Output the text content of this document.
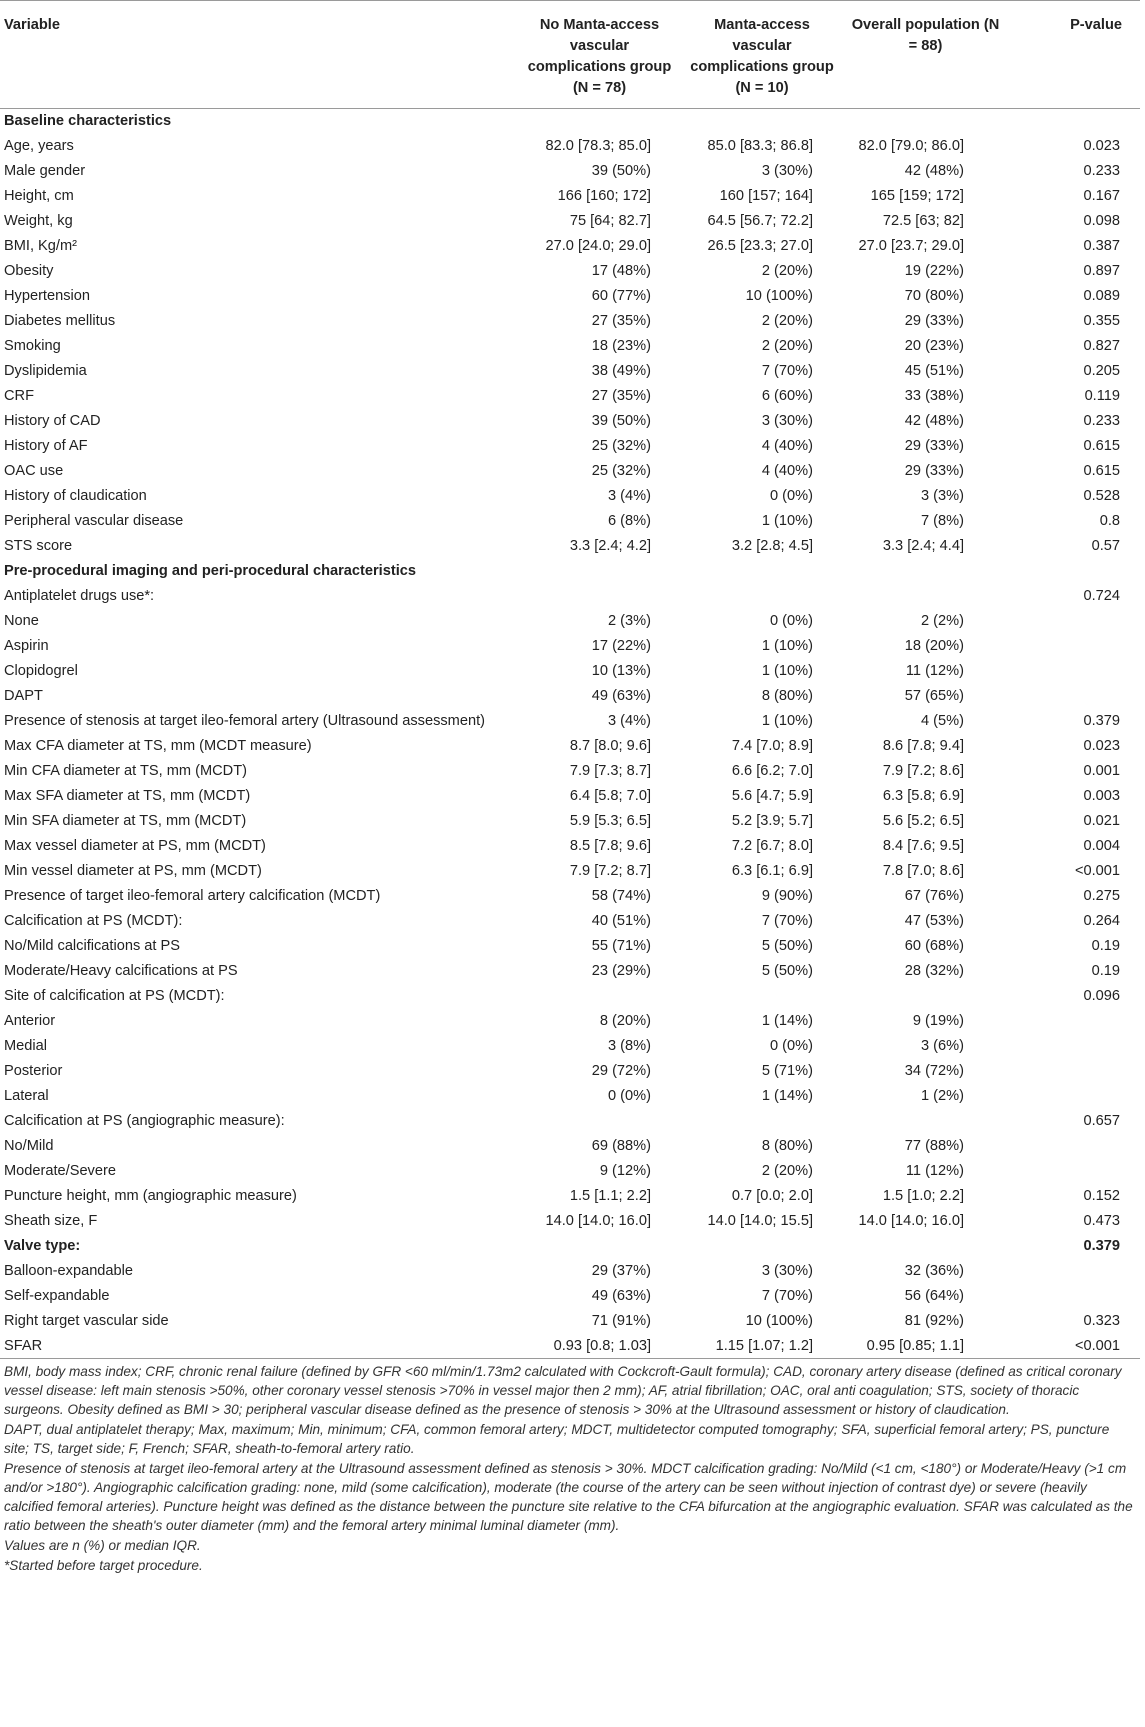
Variable	No Manta-access vascular complications group (N = 78)	Manta-access vascular complications group (N = 10)	Overall population (N = 88)	P-value
Baseline characteristics				
Age, years	82.0 [78.3; 85.0]	85.0 [83.3; 86.8]	82.0 [79.0; 86.0]	0.023
Male gender	39 (50%)	3 (30%)	42 (48%)	0.233
Height, cm	166 [160; 172]	160 [157; 164]	165 [159; 172]	0.167
Weight, kg	75 [64; 82.7]	64.5 [56.7; 72.2]	72.5 [63; 82]	0.098
BMI, Kg/m²	27.0 [24.0; 29.0]	26.5 [23.3; 27.0]	27.0 [23.7; 29.0]	0.387
Obesity	17 (48%)	2 (20%)	19 (22%)	0.897
Hypertension	60 (77%)	10 (100%)	70 (80%)	0.089
Diabetes mellitus	27 (35%)	2 (20%)	29 (33%)	0.355
Smoking	18 (23%)	2 (20%)	20 (23%)	0.827
Dyslipidemia	38 (49%)	7 (70%)	45 (51%)	0.205
CRF	27 (35%)	6 (60%)	33 (38%)	0.119
History of CAD	39 (50%)	3 (30%)	42 (48%)	0.233
History of AF	25 (32%)	4 (40%)	29 (33%)	0.615
OAC use	25 (32%)	4 (40%)	29 (33%)	0.615
History of claudication	3 (4%)	0 (0%)	3 (3%)	0.528
Peripheral vascular disease	6 (8%)	1 (10%)	7 (8%)	0.8
STS score	3.3 [2.4; 4.2]	3.2 [2.8; 4.5]	3.3 [2.4; 4.4]	0.57
Pre-procedural imaging and peri-procedural characteristics				
Antiplatelet drugs use*:				0.724
None	2 (3%)	0 (0%)	2 (2%)	
Aspirin	17 (22%)	1 (10%)	18 (20%)	
Clopidogrel	10 (13%)	1 (10%)	11 (12%)	
DAPT	49 (63%)	8 (80%)	57 (65%)	
Presence of stenosis at target ileo-femoral artery (Ultrasound assessment)	3 (4%)	1 (10%)	4 (5%)	0.379
Max CFA diameter at TS, mm (MCDT measure)	8.7 [8.0; 9.6]	7.4 [7.0; 8.9]	8.6 [7.8; 9.4]	0.023
Min CFA diameter at TS, mm (MCDT)	7.9 [7.3; 8.7]	6.6 [6.2; 7.0]	7.9 [7.2; 8.6]	0.001
Max SFA diameter at TS, mm (MCDT)	6.4 [5.8; 7.0]	5.6 [4.7; 5.9]	6.3 [5.8; 6.9]	0.003
Min SFA diameter at TS, mm (MCDT)	5.9 [5.3; 6.5]	5.2 [3.9; 5.7]	5.6 [5.2; 6.5]	0.021
Max vessel diameter at PS, mm (MCDT)	8.5 [7.8; 9.6]	7.2 [6.7; 8.0]	8.4 [7.6; 9.5]	0.004
Min vessel diameter at PS, mm (MCDT)	7.9 [7.2; 8.7]	6.3 [6.1; 6.9]	7.8 [7.0; 8.6]	<0.001
Presence of target ileo-femoral artery calcification (MCDT)	58 (74%)	9 (90%)	67 (76%)	0.275
Calcification at PS (MCDT):	40 (51%)	7 (70%)	47 (53%)	0.264
No/Mild calcifications at PS	55 (71%)	5 (50%)	60 (68%)	0.19
Moderate/Heavy calcifications at PS	23 (29%)	5 (50%)	28 (32%)	0.19
Site of calcification at PS (MCDT):				0.096
Anterior	8 (20%)	1 (14%)	9 (19%)	
Medial	3 (8%)	0 (0%)	3 (6%)	
Posterior	29 (72%)	5 (71%)	34 (72%)	
Lateral	0 (0%)	1 (14%)	1 (2%)	
Calcification at PS (angiographic measure):				0.657
No/Mild	69 (88%)	8 (80%)	77 (88%)	
Moderate/Severe	9 (12%)	2 (20%)	11 (12%)	
Puncture height, mm (angiographic measure)	1.5 [1.1; 2.2]	0.7 [0.0; 2.0]	1.5 [1.0; 2.2]	0.152
Sheath size, F	14.0 [14.0; 16.0]	14.0 [14.0; 15.5]	14.0 [14.0; 16.0]	0.473
Valve type:				0.379
Balloon-expandable	29 (37%)	3 (30%)	32 (36%)	
Self-expandable	49 (63%)	7 (70%)	56 (64%)	
Right target vascular side	71 (91%)	10 (100%)	81 (92%)	0.323
SFAR	0.93 [0.8; 1.03]	1.15 [1.07; 1.2]	0.95 [0.85; 1.1]	<0.001

BMI, body mass index; CRF, chronic renal failure (defined by GFR <60 ml/min/1.73m2 calculated with Cockcroft-Gault formula); CAD, coronary artery disease (defined as critical coronary vessel disease: left main stenosis >50%, other coronary vessel stenosis >70% in vessel major then 2 mm); AF, atrial fibrillation; OAC, oral anti coagulation; STS, society of thoracic surgeons. Obesity defined as BMI > 30; peripheral vascular disease defined as the presence of stenosis > 30% at the Ultrasound assessment or history of claudication.

DAPT, dual antiplatelet therapy; Max, maximum; Min, minimum; CFA, common femoral artery; MDCT, multidetector computed tomography; SFA, superficial femoral artery; PS, puncture site; TS, target side; F, French; SFAR, sheath-to-femoral artery ratio.

Presence of stenosis at target ileo-femoral artery at the Ultrasound assessment defined as stenosis > 30%. MDCT calcification grading: No/Mild (<1 cm, <180°) or Moderate/Heavy (>1 cm and/or >180°). Angiographic calcification grading: none, mild (some calcification), moderate (the course of the artery can be seen without injection of contrast dye) or severe (heavily calcified femoral arteries). Puncture height was defined as the distance between the puncture site relative to the CFA bifurcation at the angiographic evaluation. SFAR was calculated as the ratio between the sheath's outer diameter (mm) and the femoral artery minimal luminal diameter (mm).

Values are n (%) or median IQR.

*Started before target procedure.
